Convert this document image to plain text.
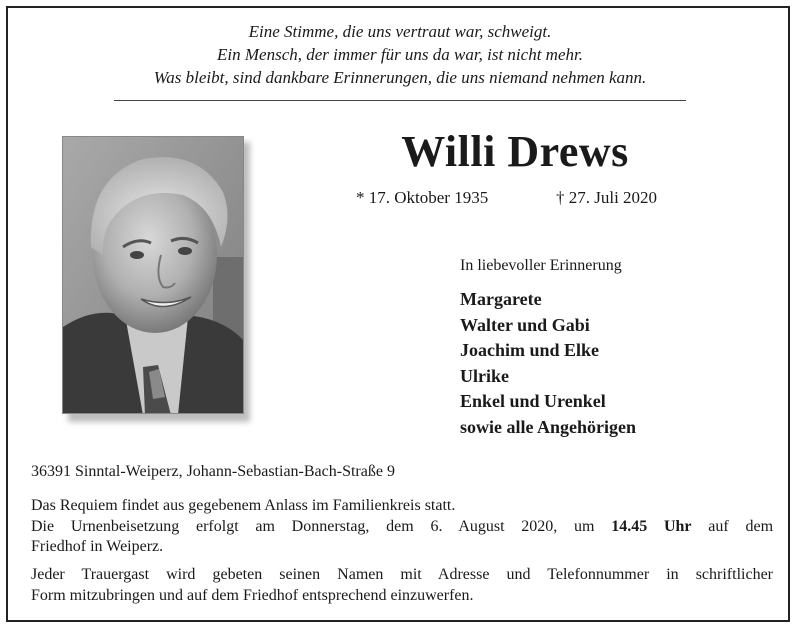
Eine Stimme, die uns vertraut war, schweigt.
Ein Mensch, der immer für uns da war, ist nicht mehr.
Was bleibt, sind dankbare Erinnerungen, die uns niemand nehmen kann.
Willi Drews
* 17. Oktober 1935	† 27. Juli 2020
In liebevoller Erinnerung
Margarete
Walter und Gabi
Joachim und Elke
Ulrike
Enkel und Urenkel
sowie alle Angehörigen
36391 Sinntal-Weiperz, Johann-Sebastian-Bach-Straße 9
Das Requiem findet aus gegebenem Anlass im Familienkreis statt.
Die Urnenbeisetzung erfolgt am Donnerstag, dem 6. August 2020, um 14.45 Uhr auf dem
Friedhof in Weiperz.
Jeder Trauergast wird gebeten seinen Namen mit Adresse und Telefonnummer in schriftlicher
Form mitzubringen und auf dem Friedhof entsprechend einzuwerfen.
